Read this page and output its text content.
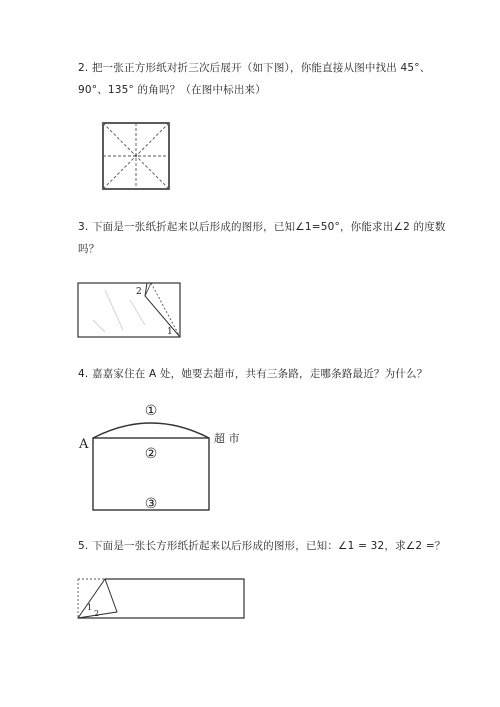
2. 把一张正方形纸对折三次后展开（如下图），你能直接从图中找出 45°、
90°、135° 的角吗？（在图中标出来）
3. 下面是一张纸折起来以后形成的图形，已知∠1=50°，你能求出∠2 的度数
吗？
2
1
4. 嘉嘉家住在 A 处，她要去超市，共有三条路，走哪条路最近？为什么？
A	超 市
①
②
③
5. 下面是一张长方形纸折起来以后形成的图形，已知：∠1 = 32，求∠2 =？
1
2
